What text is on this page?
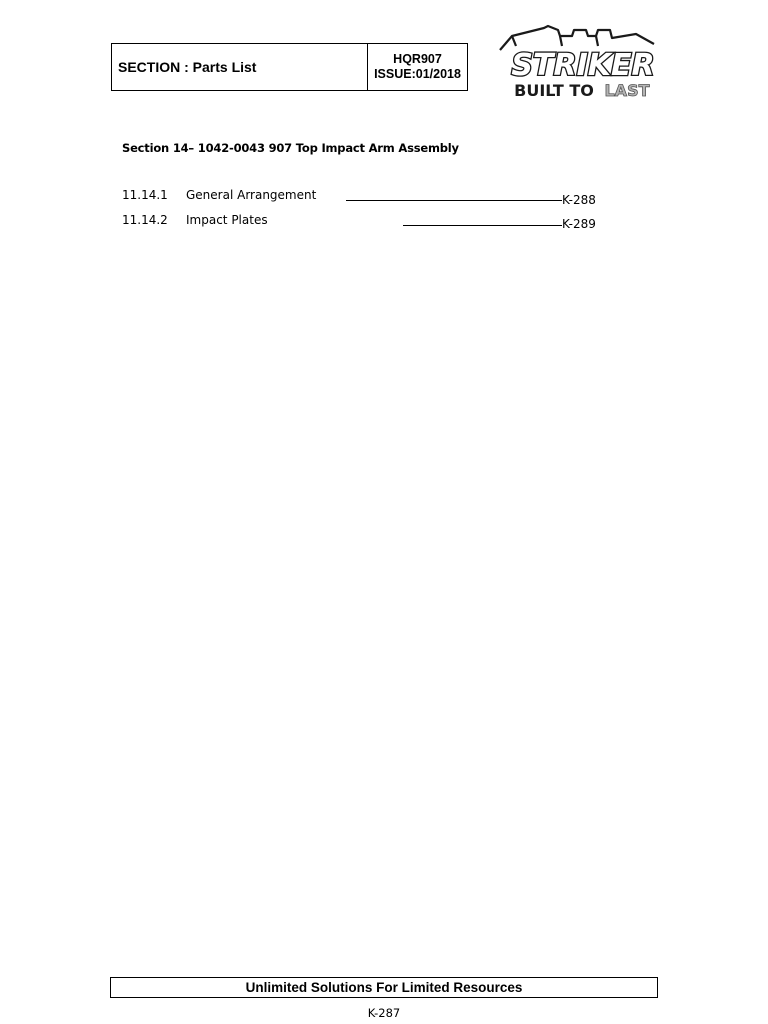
SECTION : Parts List	HQR907
ISSUE:01/2018 STRIKER
BUILT TO LAST
Section 14– 1042-0043 907 Top Impact Arm Assembly
11.14.1 General Arrangement	K-288
11.14.2 Impact Plates	K-289
Unlimited Solutions For Limited Resources
K-287
